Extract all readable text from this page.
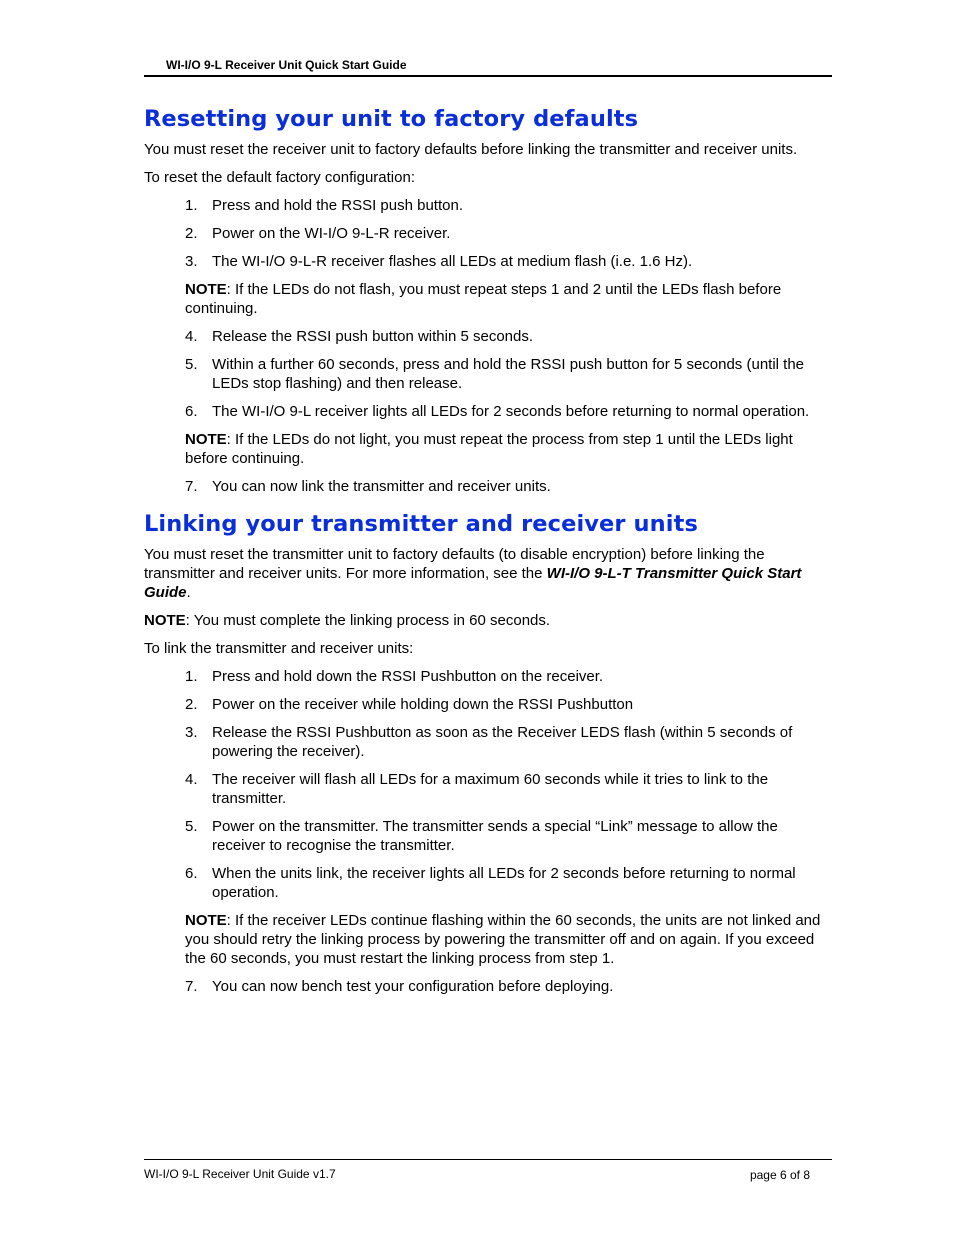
WI-I/O 9-L Receiver Unit Quick Start Guide
Resetting your unit to factory defaults

You must reset the receiver unit to factory defaults before linking the transmitter and receiver units.

To reset the default factory configuration:

1. Press and hold the RSSI push button.
2. Power on the WI-I/O 9-L-R receiver.
3. The WI-I/O 9-L-R receiver flashes all LEDs at medium flash (i.e. 1.6 Hz).
NOTE: If the LEDs do not flash, you must repeat steps 1 and 2 until the LEDs flash before continuing.
4. Release the RSSI push button within 5 seconds.
5. Within a further 60 seconds, press and hold the RSSI push button for 5 seconds (until the LEDs stop flashing) and then release.
6. The WI-I/O 9-L receiver lights all LEDs for 2 seconds before returning to normal operation.
NOTE: If the LEDs do not light, you must repeat the process from step 1 until the LEDs light before continuing.
7. You can now link the transmitter and receiver units.
Linking your transmitter and receiver units

You must reset the transmitter unit to factory defaults (to disable encryption) before linking the transmitter and receiver units. For more information, see the WI-I/O 9-L-T Transmitter Quick Start Guide.

NOTE: You must complete the linking process in 60 seconds.

To link the transmitter and receiver units:

1. Press and hold down the RSSI Pushbutton on the receiver.
2. Power on the receiver while holding down the RSSI Pushbutton
3. Release the RSSI Pushbutton as soon as the Receiver LEDS flash (within 5 seconds of powering the receiver).
4. The receiver will flash all LEDs for a maximum 60 seconds while it tries to link to the transmitter.
5. Power on the transmitter. The transmitter sends a special “Link” message to allow the receiver to recognise the transmitter.
6. When the units link, the receiver lights all LEDs for 2 seconds before returning to normal operation.
NOTE: If the receiver LEDs continue flashing within the 60 seconds, the units are not linked and you should retry the linking process by powering the transmitter off and on again. If you exceed the 60 seconds, you must restart the linking process from step 1.
7. You can now bench test your configuration before deploying.
WI-I/O 9-L Receiver Unit Guide v1.7	page 6 of 8
